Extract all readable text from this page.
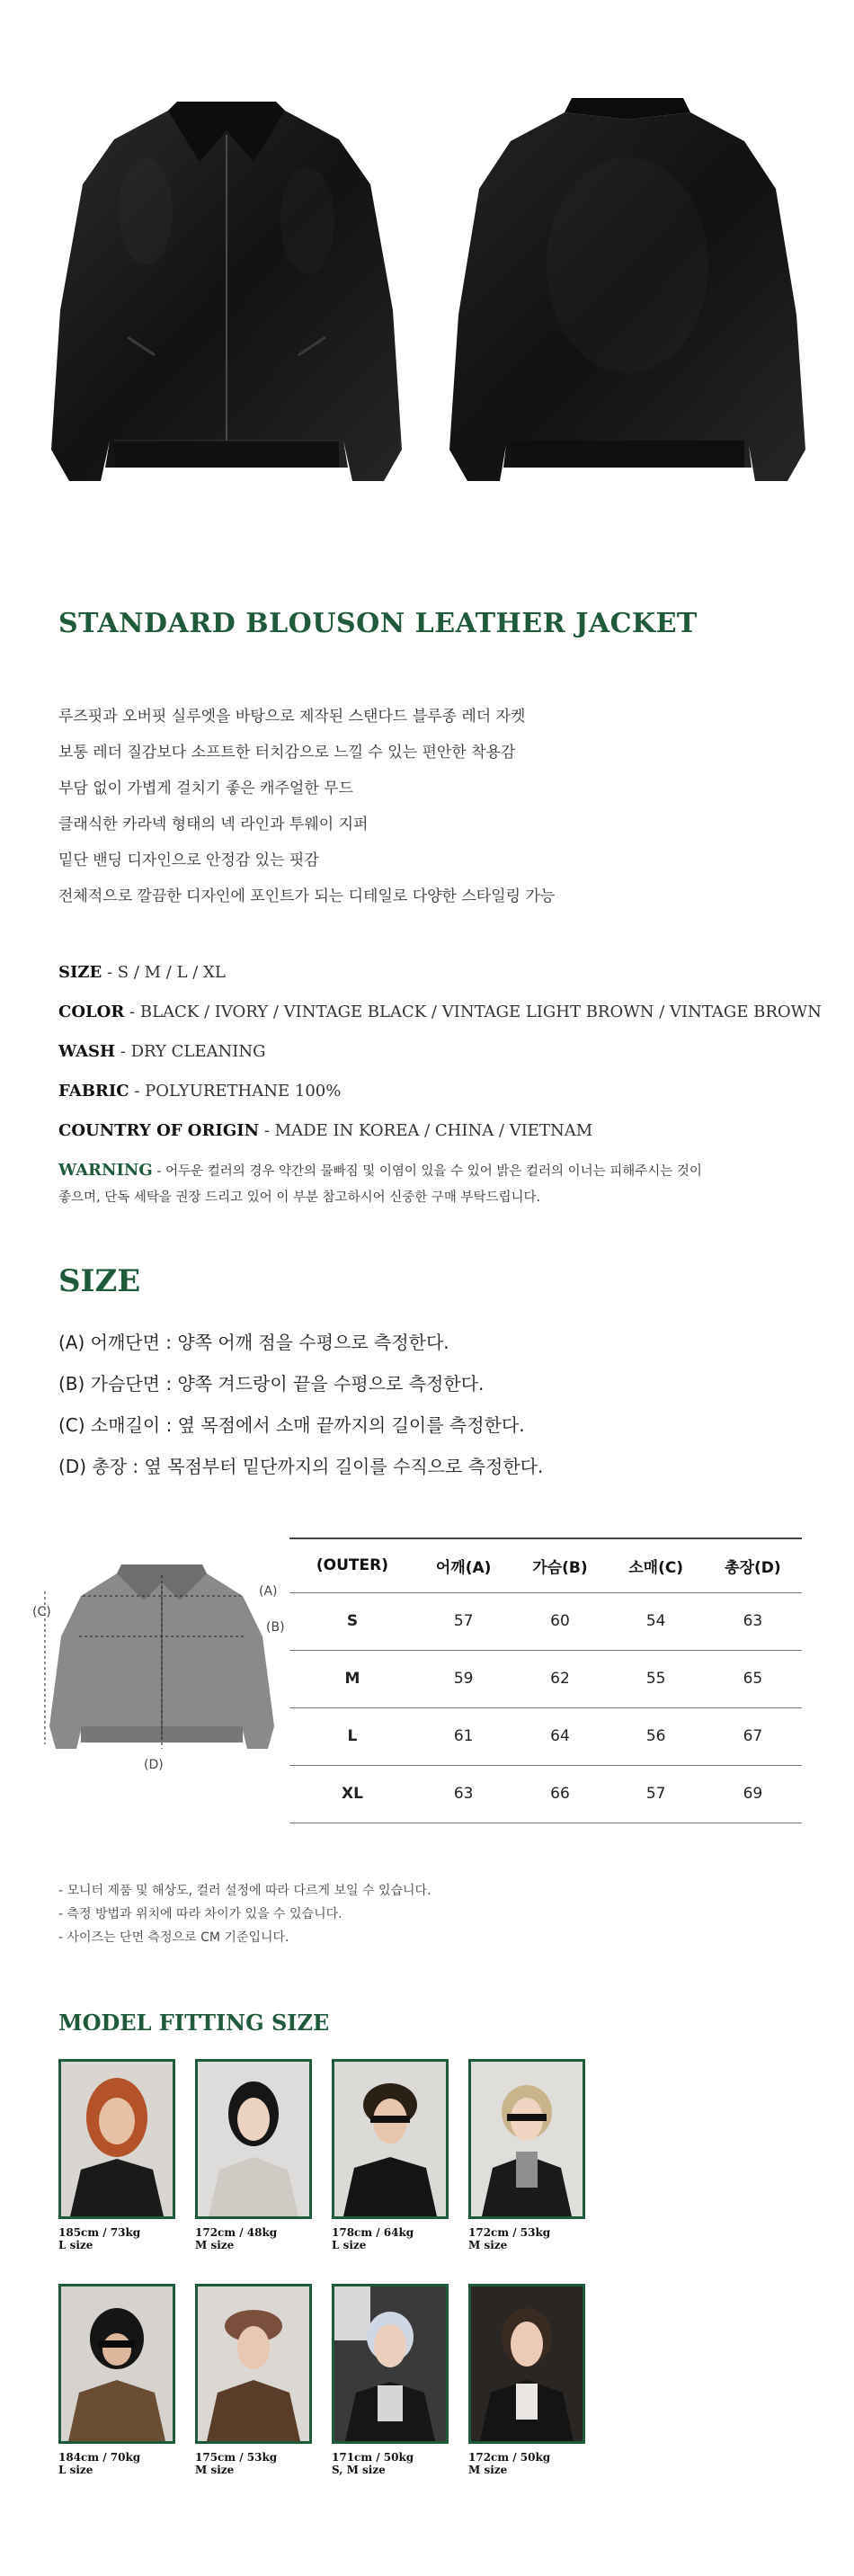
STANDARD BLOUSON LEATHER JACKET
루즈핏과 오버핏 실루엣을 바탕으로 제작된 스탠다드 블루종 레더 자켓
보통 레더 질감보다 소프트한 터치감으로 느낄 수 있는 편안한 착용감
부담 없이 가볍게 걸치기 좋은 캐주얼한 무드
클래식한 카라넥 형태의 넥 라인과 투웨이 지퍼
밑단 밴딩 디자인으로 안정감 있는 핏감
전체적으로 깔끔한 디자인에 포인트가 되는 디테일로 다양한 스타일링 가능
SIZE - S / M / L / XL
COLOR - BLACK / IVORY / VINTAGE BLACK / VINTAGE LIGHT BROWN / VINTAGE BROWN
WASH - DRY CLEANING
FABRIC - POLYURETHANE 100%
COUNTRY OF ORIGIN - MADE IN KOREA / CHINA / VIETNAM
WARNING - 어두운 컬러의 경우 약간의 물빠짐 및 이염이 있을 수 있어 밝은 컬러의 이너는 피해주시는 것이
좋으며, 단독 세탁을 권장 드리고 있어 이 부분 참고하시어 신중한 구매 부탁드립니다.
SIZE
(A) 어깨단면 : 양쪽 어깨 점을 수평으로 측정한다.
(B) 가슴단면 : 양쪽 겨드랑이 끝을 수평으로 측정한다.
(C) 소매길이 : 옆 목점에서 소매 끝까지의 길이를 측정한다.
(D) 총장 : 옆 목점부터 밑단까지의 길이를 수직으로 측정한다.
(A)
(B)
(C)
(D)
(OUTER)	어깨(A)	가슴(B)	소매(C)	총장(D)
S	57	60	54	63
M	59	62	55	65
L	61	64	56	67
XL	63	66	57	69
- 모니터 제품 및 해상도, 컬러 설정에 따라 다르게 보일 수 있습니다.
- 측정 방법과 위치에 따라 차이가 있을 수 있습니다.
- 사이즈는 단면 측정으로 CM 기준입니다.
MODEL FITTING SIZE
185cm / 73kg
L size
172cm / 48kg
M size
178cm / 64kg
L size
172cm / 53kg
M size
184cm / 70kg
L size
175cm / 53kg
M size
171cm / 50kg
S, M size
172cm / 50kg
M size
